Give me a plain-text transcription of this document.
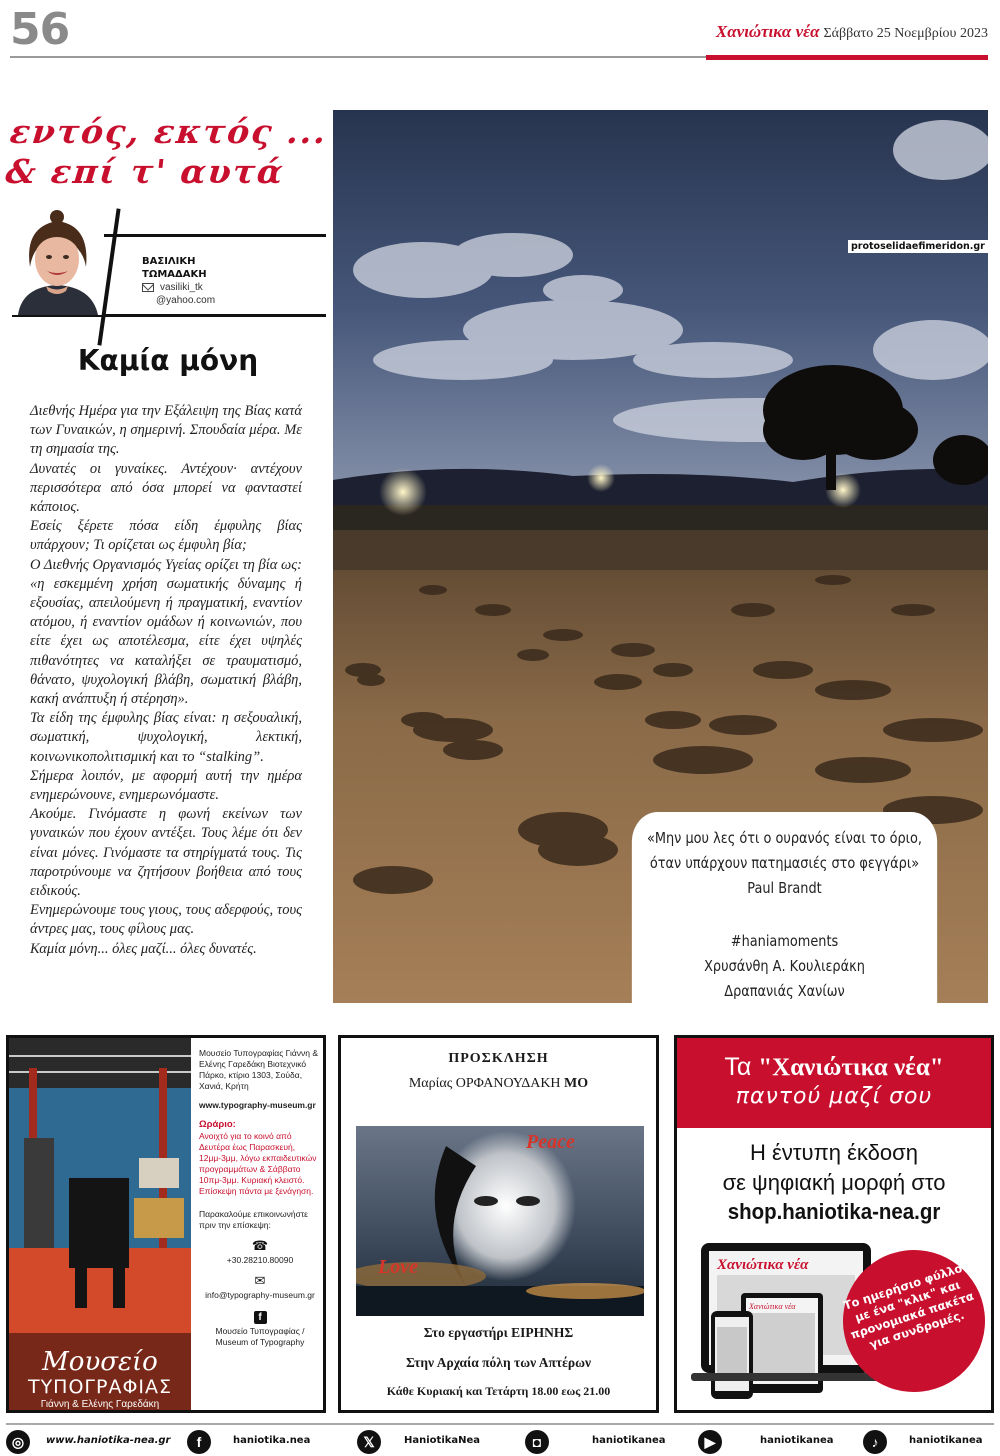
56	Χανιώτικα νέα Σάββατο 25 Νοεμβρίου 2023
εντός, εκτός ...
& επί τ' αυτά
ΒΑΣΙΛΙΚΗ
ΤΩΜΑΔΑΚΗ
vasiliki_tk
@yahoo.com
Καμία μόνη

Διεθνής Ημέρα για την Εξάλειψη της Βίας κατά των Γυναικών, η σημερινή. Σπουδαία μέρα. Με τη σημασία της.

Δυνατές οι γυναίκες. Αντέχουν· αντέχουν περισσότερα από όσα μπορεί να φανταστεί κάποιος.

Εσείς ξέρετε πόσα είδη έμφυλης βίας υπάρχουν; Τι ορίζεται ως έμφυλη βία;

Ο Διεθνής Οργανισμός Υγείας ορίζει τη βία ως: «η εσκεμμένη χρήση σωματικής δύναμης ή εξουσίας, απειλούμενη ή πραγματική, εναντίον ατόμου, ή εναντίον ομάδων ή κοινωνιών, που είτε έχει ως αποτέλεσμα, είτε έχει υψηλές πιθανότητες να καταλήξει σε τραυματισμό, θάνατο, ψυχολογική βλάβη, σωματική βλάβη, κακή ανάπτυξη ή στέρηση».

Τα είδη της έμφυλης βίας είναι: η σεξουαλική, σωματική, ψυχολογική, λεκτική, κοινωνικοπολιτισμική και το “stalking”.

Σήμερα λοιπόν, με αφορμή αυτή την ημέρα ενημερώνουνε, ενημερωνόμαστε.

Ακούμε. Γινόμαστε η φωνή εκείνων των γυναικών που έχουν αντέξει. Τους λέμε ότι δεν είναι μόνες. Γινόμαστε τα στηρίγματά τους. Τις παροτρύνουμε να ζητήσουν βοήθεια από τους ειδικούς.

Ενημερώνουμε τους γιους, τους αδερφούς, τους άντρες μας, τους φίλους μας.

Καμία μόνη... όλες μαζί... όλες δυνατές.

protoselidaefimeridon.gr
«Μην μου λες ότι ο ουρανός είναι το όριο,
όταν υπάρχουν πατημασιές στο φεγγάρι»
Paul Brandt
#haniamoments
Χρυσάνθη Α. Κουλιεράκη
Δραπανιάς Χανίων
Μουσείο
ΤΥΠΟΓΡΑΦΙΑΣ
Γιάννη & Ελένης Γαρεδάκη
Μουσείο Τυπογραφίας Γιάννη & Ελένης Γαρεδάκη Βιοτεχνικό Πάρκο, κτίριο 1303, Σούδα, Χανιά, Κρήτη
www.typography-museum.gr
Ωράριο:
Ανοιχτό για το κοινό από Δευτέρα έως Παρασκευή, 12μμ-3μμ, λόγω εκπαιδευτικών προγραμμάτων & Σάββατο 10πμ-3μμ. Κυριακή κλειστό. Επίσκεψη πάντα με ξενάγηση.
Παρακαλούμε επικοινωνήστε πριν την επίσκεψη:
☎
+30.28210.80090
✉
info@typography-museum.gr
f
Μουσείο Τυπογραφίας / Museum of Typography
ΠΡΟΣΚΛΗΣΗ
Μαρίας ΟΡΦΑΝΟΥΔΑΚΗ ΜΟ
Peace
Love
Στο εργαστήρι ΕΙΡΗΝΗΣ
Στην Αρχαία πόλη των Απτέρων
Κάθε Κυριακή και Τετάρτη 18.00 εως 21.00
Τα "Χανιώτικα νέα"
παντού μαζί σου
Η έντυπη έκδοση
σε ψηφιακή μορφή στο
shop.haniotika-nea.gr
Χανιώτικα νέα
Χανιώτικα νέα	Το ημερήσιο φύλλο με ένα "κλικ" και προνομιακά πακέτα για συνδρομές.
◎	www.haniotika-nea.gr	f	haniotika.nea	𝕏	HaniotikaNea	◘	haniotikanea	▶	haniotikanea	♪	haniotikanea
